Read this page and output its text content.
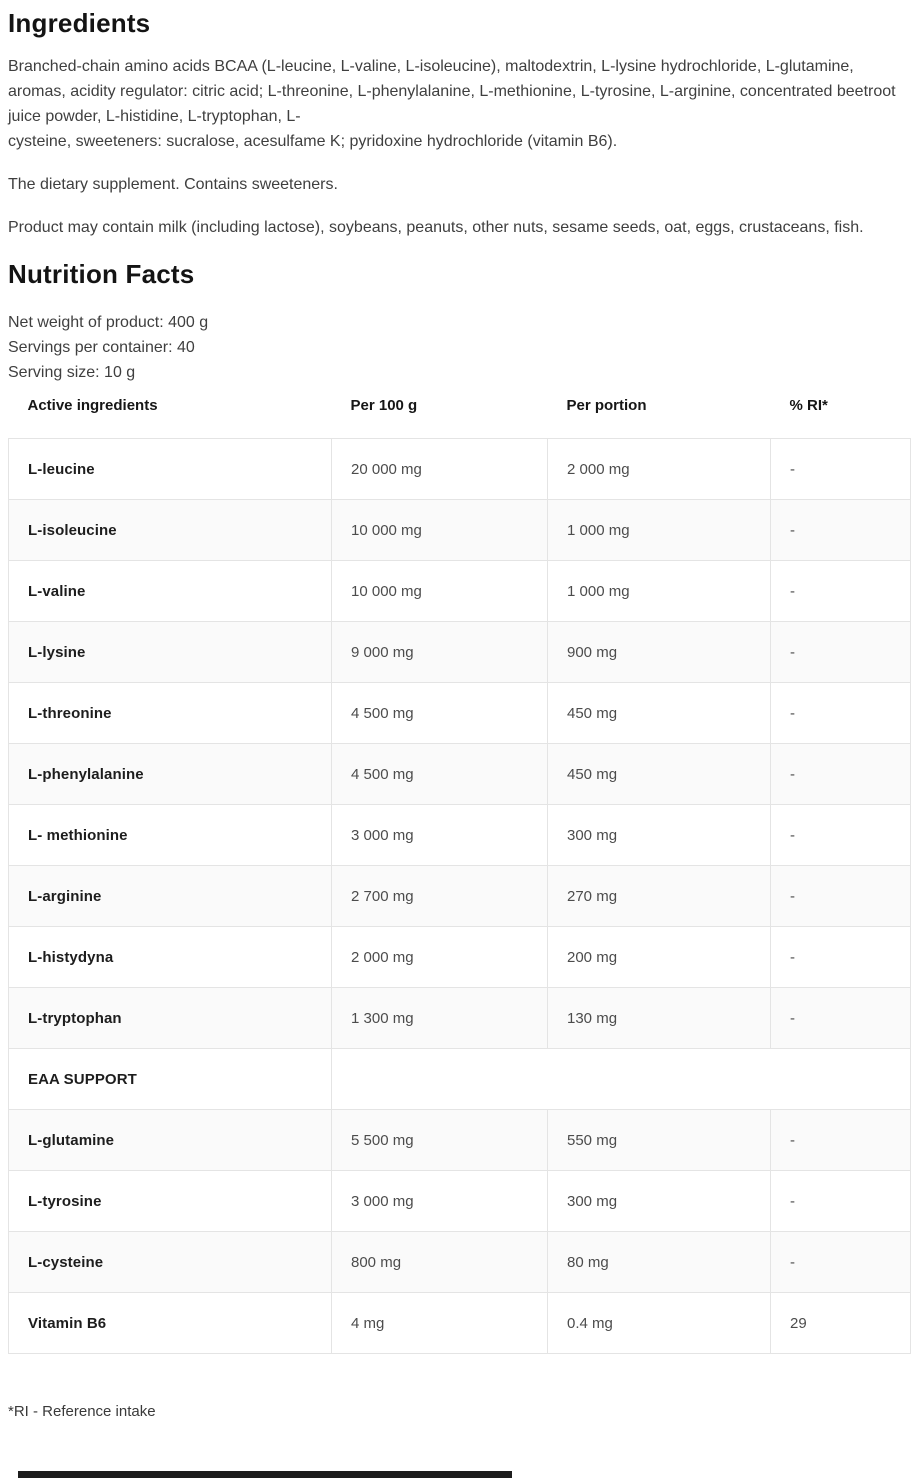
Ingredients

Branched-chain amino acids BCAA (L-leucine, L-valine, L-isoleucine), maltodextrin, L-lysine hydrochloride, L-glutamine, aromas, acidity regulator: citric acid; L-threonine, L-phenylalanine, L-methionine, L-tyrosine, L-arginine, concentrated beetroot juice powder, L-histidine, L-tryptophan, L-
cysteine, sweeteners: sucralose, acesulfame K; pyridoxine hydrochloride (vitamin B6).

The dietary supplement. Contains sweeteners.

Product may contain milk (including lactose), soybeans, peanuts, other nuts, sesame seeds, oat, eggs, crustaceans, fish.

Nutrition Facts

Net weight of product: 400 g

Servings per container: 40

Serving size: 10 g

Active ingredients	Per 100 g	Per portion	% RI*
L-leucine	20 000 mg	2 000 mg	-
L-isoleucine	10 000 mg	1 000 mg	-
L-valine	10 000 mg	1 000 mg	-
L-lysine	9 000 mg	900 mg	-
L-threonine	4 500 mg	450 mg	-
L-phenylalanine	4 500 mg	450 mg	-
L- methionine	3 000 mg	300 mg	-
L-arginine	2 700 mg	270 mg	-
L-histydyna	2 000 mg	200 mg	-
L-tryptophan	1 300 mg	130 mg	-
EAA SUPPORT			
L-glutamine	5 500 mg	550 mg	-
L-tyrosine	3 000 mg	300 mg	-
L-cysteine	800 mg	80 mg	-
Vitamin B6	4 mg	0.4 mg	29

*RI - Reference intake
